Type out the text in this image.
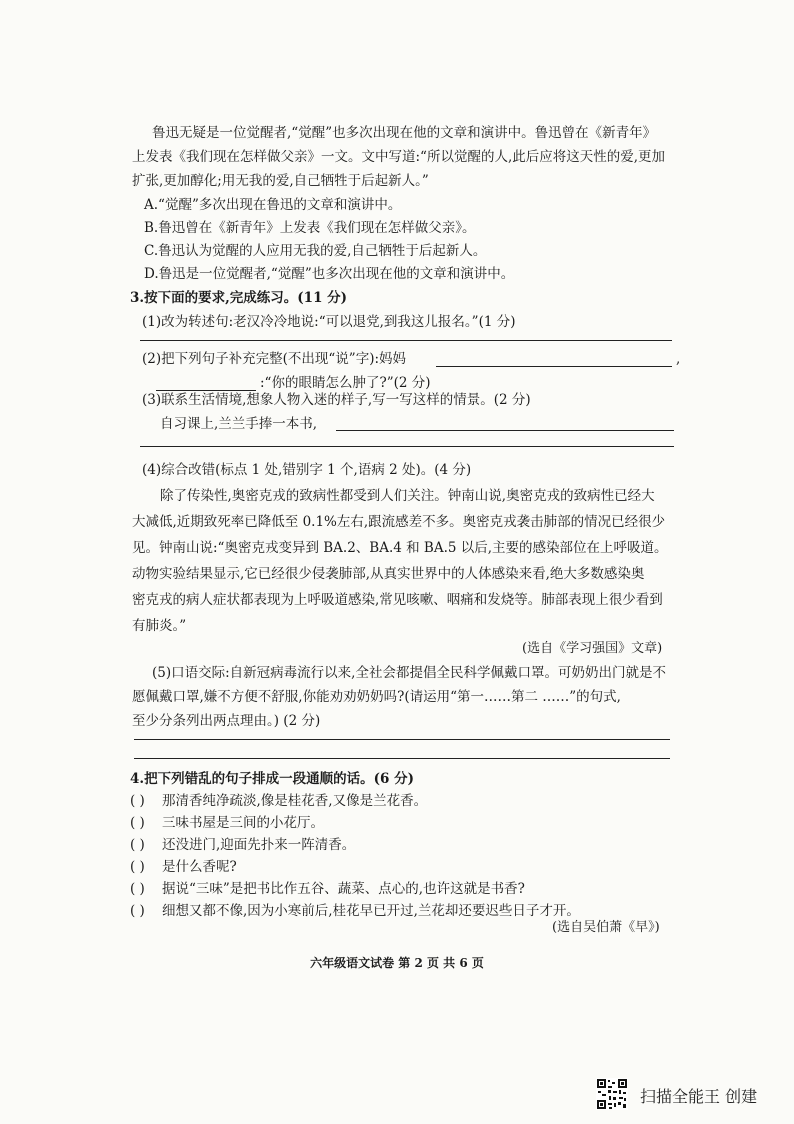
鲁迅无疑是一位觉醒者,“觉醒”也多次出现在他的文章和演讲中。鲁迅曾在《新青年》
上发表《我们现在怎样做父亲》一文。文中写道:“所以觉醒的人,此后应将这天性的爱,更加
扩张,更加醇化;用无我的爱,自己牺牲于后起新人。”
A.“觉醒”多次出现在鲁迅的文章和演讲中。
B.鲁迅曾在《新青年》上发表《我们现在怎样做父亲》。
C.鲁迅认为觉醒的人应用无我的爱,自己牺牲于后起新人。
D.鲁迅是一位觉醒者,“觉醒”也多次出现在他的文章和演讲中。
3.按下面的要求,完成练习。(11 分)
(1)改为转述句:老汉冷冷地说:“可以退党,到我这儿报名。”(1 分)
(2)把下列句子补充完整(不出现“说”字):妈妈	,
:“你的眼睛怎么肿了?”(2 分)
(3)联系生活情境,想象人物入迷的样子,写一写这样的情景。(2 分)
自习课上,兰兰手捧一本书,
(4)综合改错(标点 1 处,错别字 1 个,语病 2 处)。(4 分)
除了传染性,奥密克戎的致病性都受到人们关注。钟南山说,奥密克戎的致病性已经大
大减低,近期致死率已降低至 0.1%左右,跟流感差不多。奥密克戎袭击肺部的情况已经很少
见。钟南山说:“奥密克戎变异到 BA.2、BA.4 和 BA.5 以后,主要的感染部位在上呼吸道。
动物实验结果显示,它已经很少侵袭肺部,从真实世界中的人体感染来看,绝大多数感染奥
密克戎的病人症状都表现为上呼吸道感染,常见咳嗽、咽痛和发烧等。肺部表现上很少看到
有肺炎。”
(选自《学习强国》文章)
(5)口语交际:自新冠病毒流行以来,全社会都提倡全民科学佩戴口罩。可奶奶出门就是不
愿佩戴口罩,嫌不方便不舒服,你能劝劝奶奶吗?(请运用“第一……第二 ……”的句式,
至少分条列出两点理由。) (2 分)
4.把下列错乱的句子排成一段通顺的话。(6 分)
( ) 那清香纯净疏淡,像是桂花香,又像是兰花香。
( ) 三味书屋是三间的小花厅。
( ) 还没进门,迎面先扑来一阵清香。
( ) 是什么香呢?
( ) 据说“三味”是把书比作五谷、蔬菜、点心的,也许这就是书香?
( ) 细想又都不像,因为小寒前后,桂花早已开过,兰花却还要迟些日子才开。
(选自吴伯萧《早》)
六年级语文试卷 第 2 页 共 6 页
扫描全能王 创建
